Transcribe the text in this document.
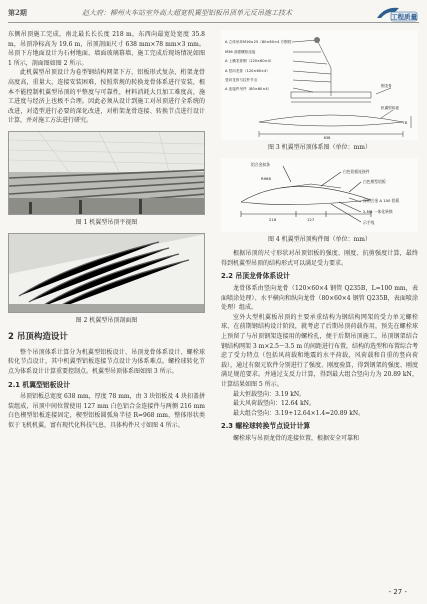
第2期	赵大府：柳州火车站室外高大超宽机翼型铝板吊顶单元反吊施工技术	工程质量

东侧吊顶施工完成，南北最长长长度 218 m，东西向最宽处宽度 35.8 m，吊顶净标高为 19.6 m，吊顶剖面尺寸 638 mm×78 mm×3 mm。吊顶下方地面设计为石材地面，墙面玻璃幕墙，施工完成后现场情况如图 1 所示，剖面图如图 2 所示。

此机翼型吊顶设计为卷型钢结构网架下方，铝板形式复杂，桁架龙骨高度高，重量大，连接安装困难，按照常规的转换龙骨体系进行安装，根本不能控制机翼型吊顶的平整度与可靠性，材料消耗大且加工难度高，施工进度与经济上也极不合理。因此必须从设计到施工对吊顶进行全系统的改进，对造型进行必要的深化改进，对桁架龙骨连接、转换节点进行设计计算，并对施工方法进行研究。

图 1 机翼型吊顶平视图
图 2 机翼型吊顶剖面图
2 吊顶构造设计

整个吊顶体系计算分为机翼型铝板设计、吊顶龙骨体系设计、螺栓球转化节点设计，其中机翼型铝板连接节点设计为体系难点。螺栓球转化节点为体系设计计算重要控制点。机翼型吊顶体系图如图 3 所示。

2.1 机翼型铝板设计

吊顶铝板总宽度 638 mm，厚度 78 mm，由 3 块铝板及 4 块扣盖拼装组成，吊顶中间位置使用 127 mm 白色铝合金连接件与两侧 216 mm 白色楔型铝板连接固定，楔型铝板圆弧角半径 R=968 mm，整体形状类似于飞机机翼，富有现代化科技气息，具体构件尺寸如图 4 所示。

A 立体吊环M16×25（80×60×4 方钢管）
M36 高强螺栓连接
A 上横龙骨钢（120×60×4）
A 竖向龙骨（120×60×4）
竖向龙骨与拉杆节点
A 连接件吊件（80×60×4）
钢龙骨
机翼型铝板
638
78
图 3 机翼型吊顶体系图（单位：mm）
铝合金扣条
白色铝板连接件
白色楔型铝板
R968
216	127
深铝合金 A 100 铝板
2-M8 一体化转换
示手线
图 4 机翼型吊顶构件图（单位：mm）

根据吊顶的尺寸形状对吊顶铝板的强度、刚度、抗剪强度计算，最终得到机翼型吊顶的结构形式可以满足受力要求。

2.2 吊顶龙骨体系设计

龙骨体系由竖向龙骨（120×60×4 钢管 Q235B，L=100 mm，表面喷涂处理）、水平横向和纵向龙骨（80×60×4 钢管 Q235B，表面喷涂处理）组成。

室外大型机翼板吊顶的主要承重结构为钢结构网架的受力单元螺栓球，在前期钢结构设计阶段，就考虑了后期吊顶荷载作用，预先在螺栓球上预留了与吊顶钢架连接用的螺栓孔，便于后期吊顶施工，吊顶钢架结合钢结构网架 3 m×2.5～3.5 m 的间距进行布置，结构的选型和布置综合考虑了受力特点（包括风荷载和地震的水平荷载，风荷载和自重的竖向荷载），通过有限元软件分别进行了强度、刚度验算，得到钢架的强度、刚度满足规范要求。并通过支反力计算，得到最大组合竖向力为 20.89 kN，计算结果如图 5 所示。

最大恒载竖向：3.19 kN。

最大风荷载竖向：12.64 kN。

最大组合竖向：3.19+12.64×1.4=20.89 kN。

2.3 螺栓球转换节点设计计算

螺栓球与吊顶龙骨的连接位置，根据安全可靠和

- 27 -
